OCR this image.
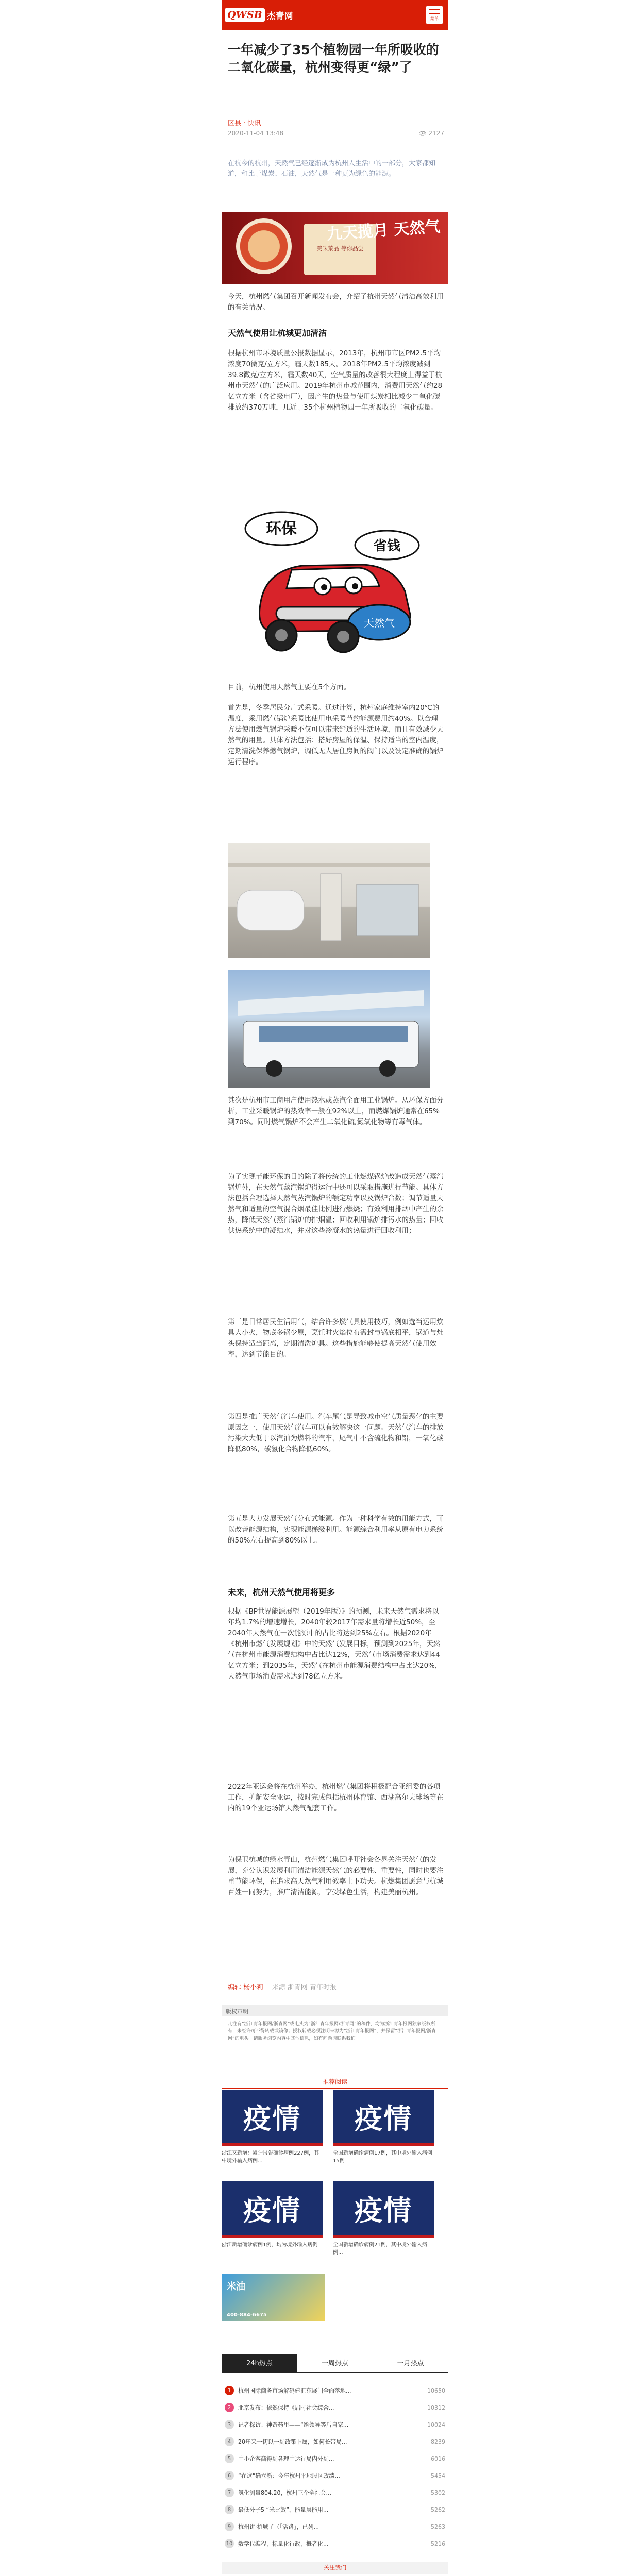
QWSB 杰青网	菜单
一年减少了35个植物园一年所吸收的二氧化碳量，杭州变得更“绿”了
区县 · 快讯
2020-11-04 13:48	👁 2127

在杭今的杭州，天然气已经逐渐成为杭州人生活中的一部分，大家都知道，和比于煤炭、石油，天然气是一种更为绿色的能源。

美味菜品 等你品尝
九天揽月 天然气

今天，杭州燃气集团召开新闻发布会，介绍了杭州天然气清洁高效利用的有关情况。

天然气使用让杭城更加清洁

根据杭州市环境质量公报数据显示，2013年，杭州市市区PM2.5平均浓度70微克/立方米，霾天数185天。2018年PM2.5平均浓度减到39.8微克/立方米，霾天数40天，空气质量的改善很大程度上得益于杭州市天然气的广泛应用。2019年杭州市城范围内，消费用天然气约28亿立方米（含省级电厂），因产生的热量与使用煤炭相比减少二氧化碳排放约370万吨，几近于35个杭州植物园一年所吸收的二氧化碳量。

环保
省钱
天然气

目前，杭州使用天然气主要在5个方面。

首先是，冬季居民分户式采暖。通过计算，杭州家庭维持室内20℃的温度，采用燃气锅炉采暖比使用电采暖节约能源费用约40%。以合理方法使用燃气锅炉采暖不仅可以带来舒适的生活环境，而且有效减少天然气的用量。具体方法包括：搭好房屋的保温、保持适当的室内温度，定期清洗保养燃气锅炉，调低无人居住房间的阀门以及设定准确的锅炉运行程序。

其次是杭州市工商用户使用热水或蒸汽全面用工业锅炉。从环保方面分析，工业采暖锅炉的热效率一般在92%以上，而燃煤锅炉通常在65%到70%。同时燃气锅炉不会产生二氧化硫,氮氧化物等有毒气体。

为了实现节能环保的目的除了将传统的工业燃煤锅炉改造成天然气蒸汽锅炉外，在天然气蒸汽锅炉得运行中还可以采取措施进行节能。具体方法包括合理选择天然气蒸汽锅炉的额定功率以及锅炉台数；调节适量天然气和适量的空气混合烟最佳比例进行燃烧；有效利用排烟中产生的余热，降低天然气蒸汽锅炉的排烟温；回收利用锅炉排污水的热量；回收供热系统中的凝结水，并对这些冷凝水的热量进行回收利用；

第三是日常居民生活用气，结合许多燃气具使用技巧，例如选当运用炊具大小火，物底多锅少原，烹饪时火焰位布需封与锅底相平，锅道与灶头保持适当距离，定期清洗炉具。这些措施能够使提高天然气使用效率，达到节能目的。

第四是推广天然气汽车使用。汽车尾气是导致城市空气质量恶化的主要原因之一，使用天然气汽车可以有效解决这一问题。天然气汽车的排放污染大大低于以汽油为燃料的汽车，尾气中不含硫化物和铅，一氧化碳降低80%，碳氢化合物降低60%。

第五是大力发展天然气分布式能源。作为一种科学有效的用能方式，可以改善能源结构，实现能源梯级利用。能源综合利用率从原有电力系统的50%左右提高到80%以上。

未来，杭州天然气使用将更多

根据《BP世界能源展望（2019年版）》的预测，未来天然气需求将以年均1.7%的增速增长，2040年较2017年需求量将增长近50%，至2040年天然气在一次能源中的占比将达到25%左右。根据2020年《杭州市燃气发展规划》中的天然气发展目标，预测到2025年，天然气在杭州市能源消费结构中占比达12%，天然气市场消费需求达到44亿立方米；到2035年，天然气在杭州市能源消费结构中占比达20%，天然气市场消费需求达到78亿立方米。

2022年亚运会将在杭州举办，杭州燃气集团将积极配合亚组委的各项工作，护航安全亚运，按时完成包括杭州体育馆、西湖高尔夫球场等在内的19个亚运场馆天然气配套工作。

为保卫杭城的绿水青山，杭州燃气集团呼吁社会各界关注天然气的发展，充分认识发展利用清洁能源天然气的必要性、重要性，同时也要注重节能环保，在追求高天然气利用效率上下功夫。杭燃集团愿意与杭城百姓一同努力，推广清洁能源，享受绿色生活，构建美丽杭州。

编辑 杨小莉 来源 浙青网 青年时报
版权声明

凡注有“浙江青年报网/浙青网”或电头为“浙江青年报网/浙青网”的稿件，均为浙江青年报网独家版权所有，未经许可不得转载或镜像；授权转载必须注明来源为“浙江青年报网”，并保留“浙江青年报网/浙青网”的电头。请服务浏览内容中其他信息，如有问题请联系我们。

推荐阅读
疫情
浙江又新增：累计报告确诊病例227例，其中境外输入病例...
疫情
全国新增确诊病例17例，其中境外输入病例15例
疫情
浙江新增确诊病例1例，均为境外输入病例
疫情
全国新增确诊病例21例，其中境外输入病例...
米油
400-884-6675
24h热点	一周热点	一月热点
1	杭州国际商务市场解码建汇东展门全面落地...	10650
2	北京发布：依然保持《届时社会综合...	10312
3	记者探访：神奇药里——“给领导等后自家...	10024
4	20年来一切以一到政策下属，如何长带局...	8239
5	中小企客商得到各理中达行局内分到...	6016
6	“在这”确立新：今年杭州平地段区政绩...	5454
7	氢化测量804,20，杭州三个全社会...	5302
8	最低分子5 “米比效”，能量层能用...	5262
9	杭州讲·杭城了（「活路」，已列...	5263
10 数学代编程，标量化行政，概者化...	5216
关注我们
